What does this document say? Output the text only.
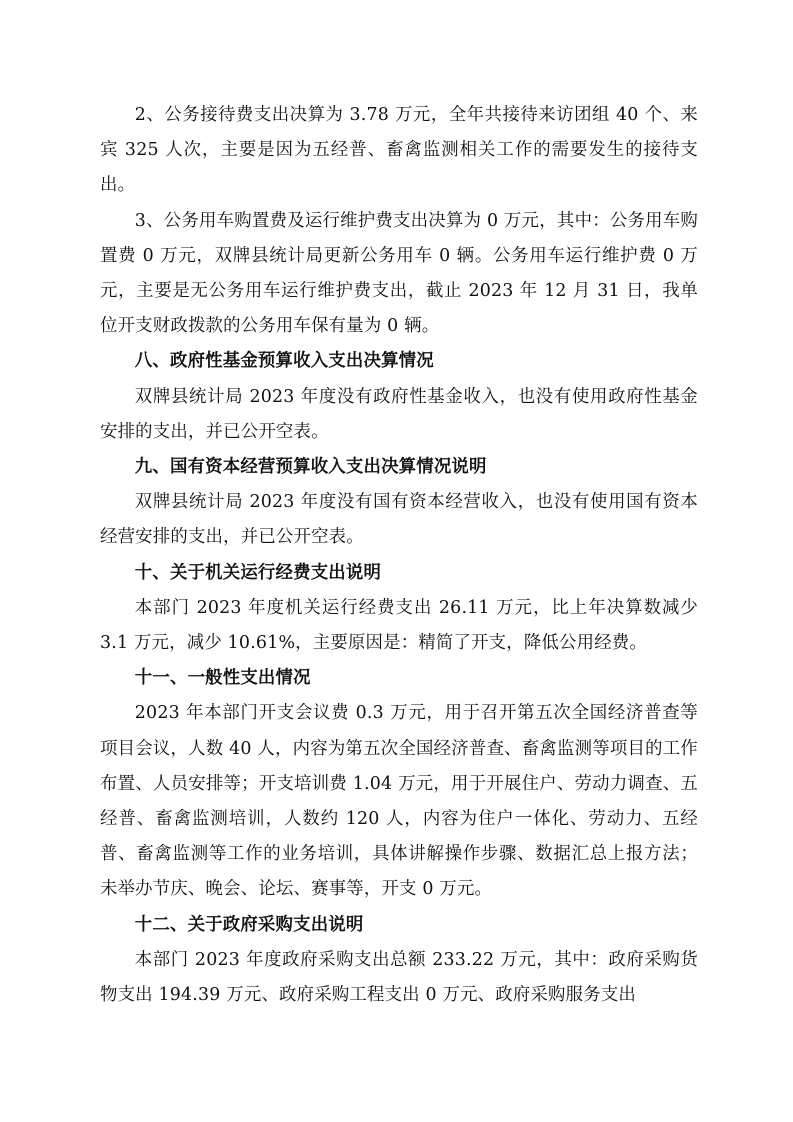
2、公务接待费支出决算为 3.78 万元，全年共接待来访团组 40 个、来宾 325 人次，主要是因为五经普、畜禽监测相关工作的需要发生的接待支出。

3、公务用车购置费及运行维护费支出决算为 0 万元，其中：公务用车购置费 0 万元，双牌县统计局更新公务用车 0 辆。公务用车运行维护费 0 万元，主要是无公务用车运行维护费支出，截止 2023 年 12 月 31 日，我单位开支财政拨款的公务用车保有量为 0 辆。

八、政府性基金预算收入支出决算情况

双牌县统计局 2023 年度没有政府性基金收入，也没有使用政府性基金安排的支出，并已公开空表。

九、国有资本经营预算收入支出决算情况说明

双牌县统计局 2023 年度没有国有资本经营收入，也没有使用国有资本经营安排的支出，并已公开空表。

十、关于机关运行经费支出说明

本部门 2023 年度机关运行经费支出 26.11 万元，比上年决算数减少 3.1 万元，减少 10.61%，主要原因是：精简了开支，降低公用经费。

十一、一般性支出情况

2023 年本部门开支会议费 0.3 万元，用于召开第五次全国经济普查等项目会议，人数 40 人，内容为第五次全国经济普查、畜禽监测等项目的工作布置、人员安排等；开支培训费 1.04 万元，用于开展住户、劳动力调查、五经普、畜禽监测培训，人数约 120 人，内容为住户一体化、劳动力、五经普、畜禽监测等工作的业务培训，具体讲解操作步骤、数据汇总上报方法；未举办节庆、晚会、论坛、赛事等，开支 0 万元。

十二、关于政府采购支出说明

本部门 2023 年度政府采购支出总额 233.22 万元，其中：政府采购货物支出 194.39 万元、政府采购工程支出 0 万元、政府采购服务支出
